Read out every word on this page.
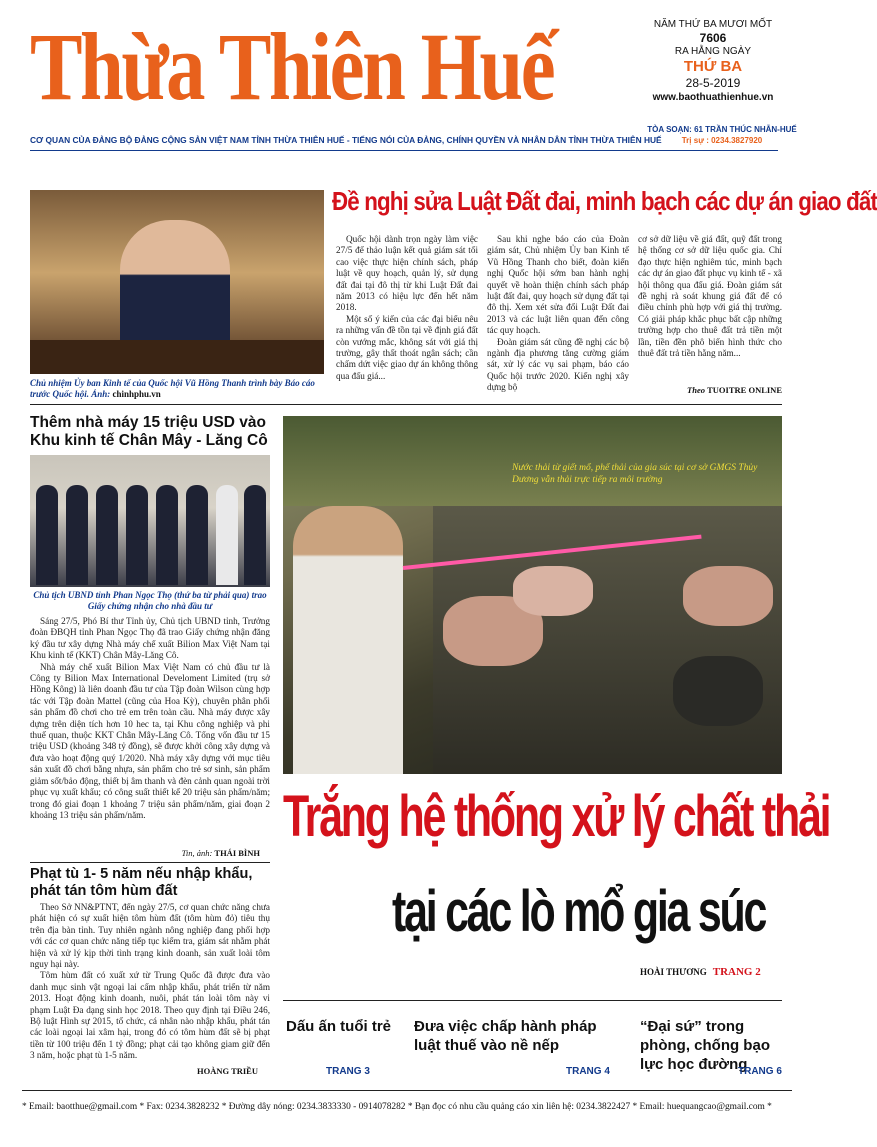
Thừa Thiên Huế	NĂM THỨ BA MƯƠI MỐT
7606
RA HẰNG NGÀY
THỨ BA
28-5-2019
www.baothuathienhue.vn
TÒA SOẠN: 61 TRẦN THÚC NHẪN-HUẾ
Trị sự : 0234.3827920
CƠ QUAN CỦA ĐẢNG BỘ ĐẢNG CỘNG SẢN VIỆT NAM TỈNH THỪA THIÊN HUẾ - TIẾNG NÓI CỦA ĐẢNG, CHÍNH QUYỀN VÀ NHÂN DÂN TỈNH THỪA THIÊN HUẾ
Chủ nhiệm Ủy ban Kinh tế của Quốc hội Vũ Hồng Thanh trình bày Báo cáo trước Quốc hội. Ảnh: chinhphu.vn
Đề nghị sửa Luật Đất đai, minh bạch các dự án giao đất

Quốc hội dành trọn ngày làm việc 27/5 để thảo luận kết quả giám sát tối cao việc thực hiện chính sách, pháp luật về quy hoạch, quản lý, sử dụng đất đai tại đô thị từ khi Luật Đất đai năm 2013 có hiệu lực đến hết năm 2018.

Một số ý kiến của các đại biểu nêu ra những vấn đề tồn tại về định giá đất còn vướng mắc, không sát với giá thị trường, gây thất thoát ngân sách; cần chấm dứt việc giao dự án không thông qua đấu giá...

Sau khi nghe báo cáo của Đoàn giám sát, Chủ nhiệm Ủy ban Kinh tế Vũ Hồng Thanh cho biết, đoàn kiến nghị Quốc hội sớm ban hành nghị quyết về hoàn thiện chính sách pháp luật đất đai, quy hoạch sử dụng đất tại đô thị. Xem xét sửa đổi Luật Đất đai 2013 và các luật liên quan đến công tác quy hoạch.

Đoàn giám sát cũng đề nghị các bộ ngành địa phương tăng cường giám sát, xử lý các vụ sai phạm, báo cáo Quốc hội trước 2020. Kiến nghị xây dựng bộ

cơ sở dữ liệu về giá đất, quỹ đất trong hệ thống cơ sở dữ liệu quốc gia. Chỉ đạo thực hiện nghiêm túc, minh bạch các dự án giao đất phục vụ kinh tế - xã hội thông qua đấu giá. Đoàn giám sát đề nghị rà soát khung giá đất để có điều chỉnh phù hợp với giá thị trường. Có giải pháp khắc phục bất cập những trường hợp cho thuê đất trả tiền một lần, tiền đền phô biến hình thức cho thuê đất trả tiền hằng năm...

Theo TUOITRE ONLINE
Thêm nhà máy 15 triệu USD vào Khu kinh tế Chân Mây - Lăng Cô
Chủ tịch UBND tỉnh Phan Ngọc Thọ (thứ ba từ phải qua) trao Giấy chứng nhận cho nhà đầu tư

Sáng 27/5, Phó Bí thư Tỉnh ủy, Chủ tịch UBND tỉnh, Trưởng đoàn ĐBQH tỉnh Phan Ngọc Thọ đã trao Giấy chứng nhận đăng ký đầu tư xây dựng Nhà máy chế xuất Bilion Max Việt Nam tại Khu kinh tế (KKT) Chân Mây-Lăng Cô.

Nhà máy chế xuất Bilion Max Việt Nam có chủ đầu tư là Công ty Bilion Max International Develoment Limited (trụ sở Hồng Kông) là liên doanh đầu tư của Tập đoàn Wilson cùng hợp tác với Tập đoàn Mattel (cũng của Hoa Kỳ), chuyên phân phối sản phẩm đồ chơi cho trẻ em trên toàn cầu. Nhà máy được xây dựng trên diện tích hơn 10 hec ta, tại Khu công nghiệp và phi thuế quan, thuộc KKT Chân Mây-Lăng Cô. Tổng vốn đầu tư 15 triệu USD (khoảng 348 tỷ đồng), sẽ được khởi công xây dựng và đưa vào hoạt động quý 1/2020. Nhà máy xây dựng với mục tiêu sản xuất đồ chơi bằng nhựa, sản phẩm cho trẻ sơ sinh, sản phẩm giảm sốt/bảo động, thiết bị âm thanh và đèn cảnh quan ngoài trời phục vụ xuất khẩu; có công suất thiết kế 20 triệu sản phẩm/năm; trong đó giai đoạn 1 khoảng 7 triệu sản phẩm/năm, giai đoạn 2 khoảng 13 triệu sản phẩm/năm.

Tin, ảnh: THÁI BÌNH
Phạt tù 1- 5 năm nếu nhập khẩu, phát tán tôm hùm đất

Theo Sở NN&PTNT, đến ngày 27/5, cơ quan chức năng chưa phát hiện có sự xuất hiện tôm hùm đất (tôm hùm đỏ) tiêu thụ trên địa bàn tỉnh. Tuy nhiên ngành nông nghiệp đang phối hợp với các cơ quan chức năng tiếp tục kiểm tra, giám sát nhằm phát hiện và xử lý kịp thời tình trạng kinh doanh, sản xuất loài tôm nguy hại này.

Tôm hùm đất có xuất xứ từ Trung Quốc đã được đưa vào danh mục sinh vật ngoại lai cấm nhập khẩu, phát triển từ năm 2013. Hoạt động kinh doanh, nuôi, phát tán loài tôm này vi phạm Luật Đa dạng sinh học 2018. Theo quy định tại Điều 246, Bộ luật Hình sự 2015, tổ chức, cá nhân nào nhập khẩu, phát tán các loài ngoại lai xâm hại, trong đó có tôm hùm đất sẽ bị phạt tiền từ 100 triệu đến 1 tỷ đồng; phạt cải tạo không giam giữ đến 3 năm, hoặc phạt tù 1-5 năm.

HOÀNG TRIỀU
Nước thải từ giết mổ, phế thải của gia súc tại cơ sở GMGS Thủy Dương vẫn thải trực tiếp ra môi trường
Trắng hệ thống xử lý chất thải
tại các lò mổ gia súc
HOÀI THƯƠNG TRANG 2
Dấu ấn tuổi trẻ	Đưa việc chấp hành pháp luật thuế vào nề nếp
“Đại sứ” trong phòng, chống bạo lực học đường
TRANG 3	TRANG 4	TRANG 6
* Email: baotthue@gmail.com * Fax: 0234.3828232 * Đường dây nóng: 0234.3833330 - 0914078282 * Bạn đọc có nhu cầu quảng cáo xin liên hệ: 0234.3822427 * Email: huequangcao@gmail.com *
